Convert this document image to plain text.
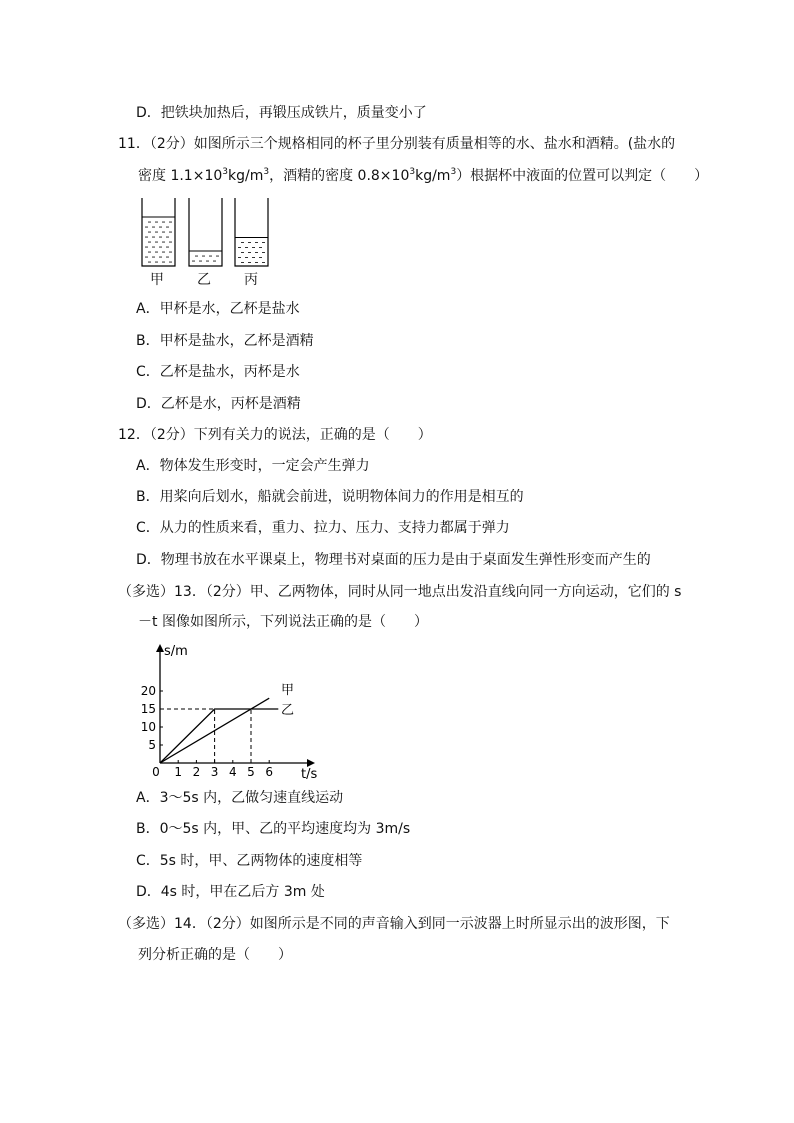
D．把铁块加热后，再锻压成铁片，质量变小了
11．（2分）如图所示三个规格相同的杯子里分别装有质量相等的水、盐水和酒精。(盐水的
密度 $1.1\times 10^3kg/m^3$，酒精的密度 $0.8\times 10^3kg/m^3$）根据杯中液面的位置可以判定（　　）
甲 乙 丙
A．甲杯是水，乙杯是盐水
B．甲杯是盐水，乙杯是酒精
C．乙杯是盐水，丙杯是水
D．乙杯是水，丙杯是酒精
12．（2分）下列有关力的说法，正确的是（　　）
A．物体发生形变时，一定会产生弹力
B．用桨向后划水，船就会前进，说明物体间力的作用是相互的
C．从力的性质来看，重力、拉力、压力、支持力都属于弹力
D．物理书放在水平课桌上，物理书对桌面的压力是由于桌面发生弹性形变而产生的
（多选）13．（2分）甲、乙两物体，同时从同一地点出发沿直线向同一方向运动，它们的 s
－t 图像如图所示，下列说法正确的是（　　）
s/m
t/s
0 1 2 3 4 5 6
5
10
15
20	甲
乙
A．3～5s 内，乙做匀速直线运动
B．0～5s 内，甲、乙的平均速度均为 3m/s
C．5s 时，甲、乙两物体的速度相等
D．4s 时，甲在乙后方 3m 处
（多选）14．（2分）如图所示是不同的声音输入到同一示波器上时所显示出的波形图，下
列分析正确的是（　　）
